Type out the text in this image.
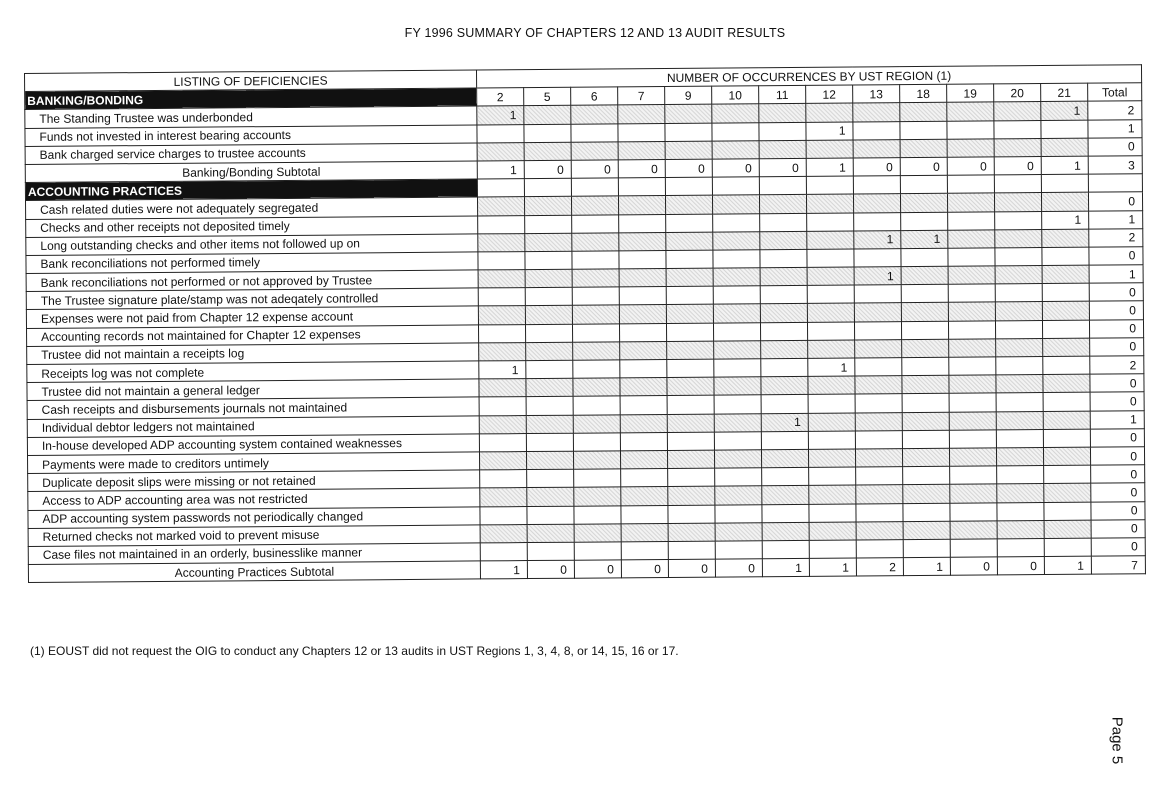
FY 1996 SUMMARY OF CHAPTERS 12 AND 13 AUDIT RESULTS
LISTING OF DEFICIENCIES	NUMBER OF OCCURRENCES BY UST REGION (1)													
BANKING/BONDING	2	5	6	7	9	10	11	12	13	18	19	20	21	Total
The Standing Trustee was underbonded	1												1	2
Funds not invested in interest bearing accounts								1						1
Bank charged service charges to trustee accounts														0
Banking/Bonding Subtotal	1	0	0	0	0	0	0	1	0	0	0	0	1	3
ACCOUNTING PRACTICES														
Cash related duties were not adequately segregated														0
Checks and other receipts not deposited timely													1	1
Long outstanding checks and other items not followed up on									1	1				2
Bank reconciliations not performed timely														0
Bank reconciliations not performed or not approved by Trustee									1					1
The Trustee signature plate/stamp was not adeqately controlled														0
Expenses were not paid from Chapter 12 expense account														0
Accounting records not maintained for Chapter 12 expenses														0
Trustee did not maintain a receipts log														0
Receipts log was not complete	1							1						2
Trustee did not maintain a general ledger														0
Cash receipts and disbursements journals not maintained														0
Individual debtor ledgers not maintained							1							1
In-house developed ADP accounting system contained weaknesses														0
Payments were made to creditors untimely														0
Duplicate deposit slips were missing or not retained														0
Access to ADP accounting area was not restricted														0
ADP accounting system passwords not periodically changed														0
Returned checks not marked void to prevent misuse														0
Case files not maintained in an orderly, businesslike manner														0
Accounting Practices Subtotal	1	0	0	0	0	0	1	1	2	1	0	0	1	7
(1) EOUST did not request the OIG to conduct any Chapters 12 or 13 audits in UST Regions 1, 3, 4, 8, or 14, 15, 16 or 17.
Page 5
